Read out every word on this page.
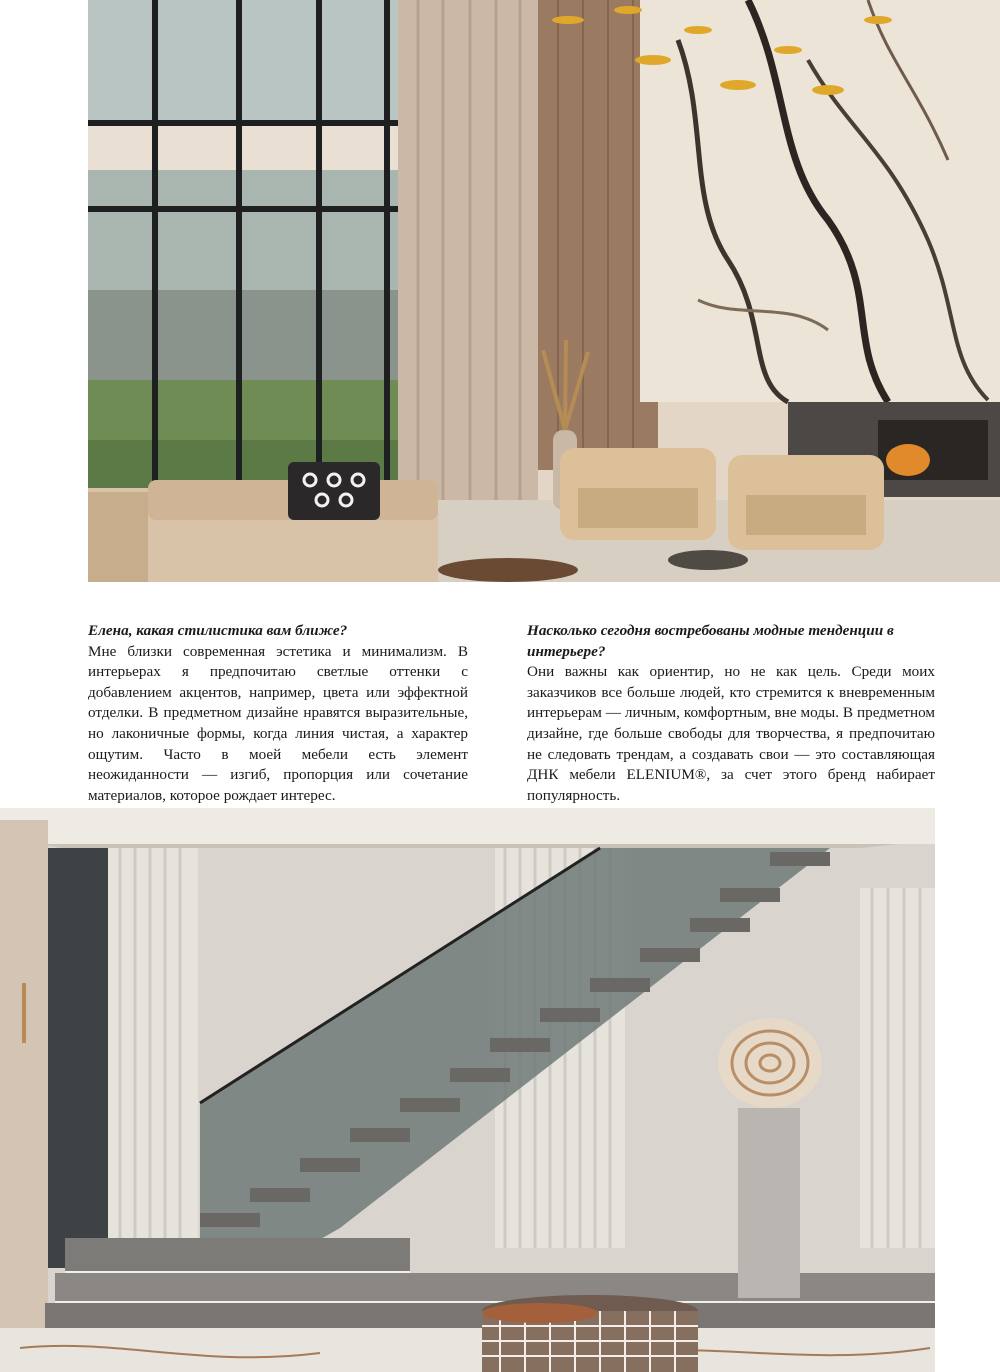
Елена, какая стилистика вам ближе?

Мне близки современная эстетика и минимализм. В интерьерах я предпочитаю светлые оттенки с добавлением акцентов, например, цвета или эффектной отделки. В предметном дизайне нравятся выразительные, но лаконичные формы, когда линия чистая, а характер ощутим. Часто в моей мебели есть элемент неожиданности — изгиб, пропорция или сочетание материалов, которое рождает интерес.

Насколько сегодня востребованы модные тенденции в интерьере?

Они важны как ориентир, но не как цель. Среди моих заказчиков все больше людей, кто стремится к вневременным интерьерам — личным, комфортным, вне моды. В предметном дизайне, где больше свободы для творчества, я предпочитаю не следовать трендам, а создавать свои — это составляющая ДНК мебели ELENIUM®, за счет этого бренд набирает популярность.
